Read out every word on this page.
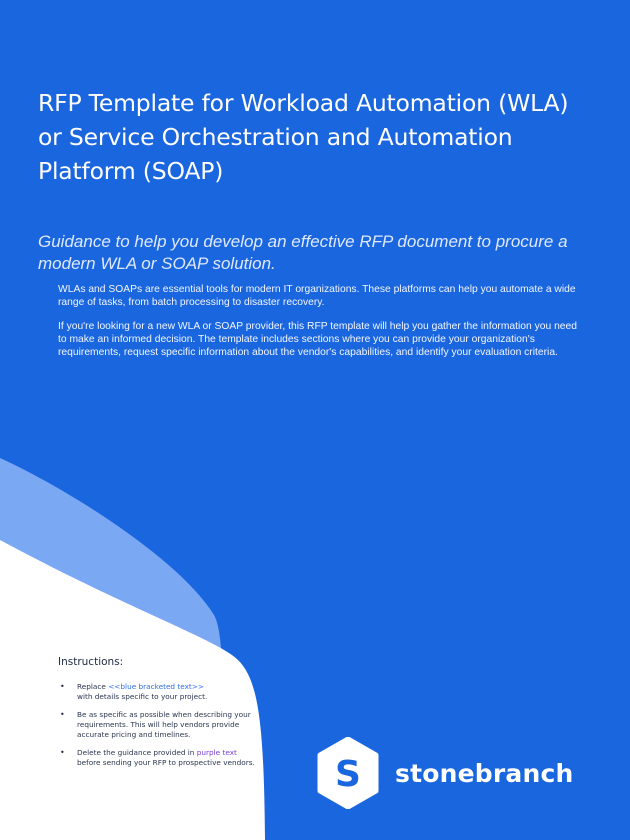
RFP Template for Workload Automation (WLA) or Service Orchestration and Automation Platform (SOAP)
Guidance to help you develop an effective RFP document to procure a modern WLA or SOAP solution.

WLAs and SOAPs are essential tools for modern IT organizations. These platforms can help you automate a wide range of tasks, from batch processing to disaster recovery.

If you're looking for a new WLA or SOAP provider, this RFP template will help you gather the information you need to make an informed decision. The template includes sections where you can provide your organization's requirements, request specific information about the vendor's capabilities, and identify your evaluation criteria.

Instructions:

• Replace <<blue bracketed text>>
with details specific to your project.
• Be as specific as possible when describing your requirements. This will help vendors provide accurate pricing and timelines.
• Delete the guidance provided in purple text
before sending your RFP to prospective vendors. S stonebranch
